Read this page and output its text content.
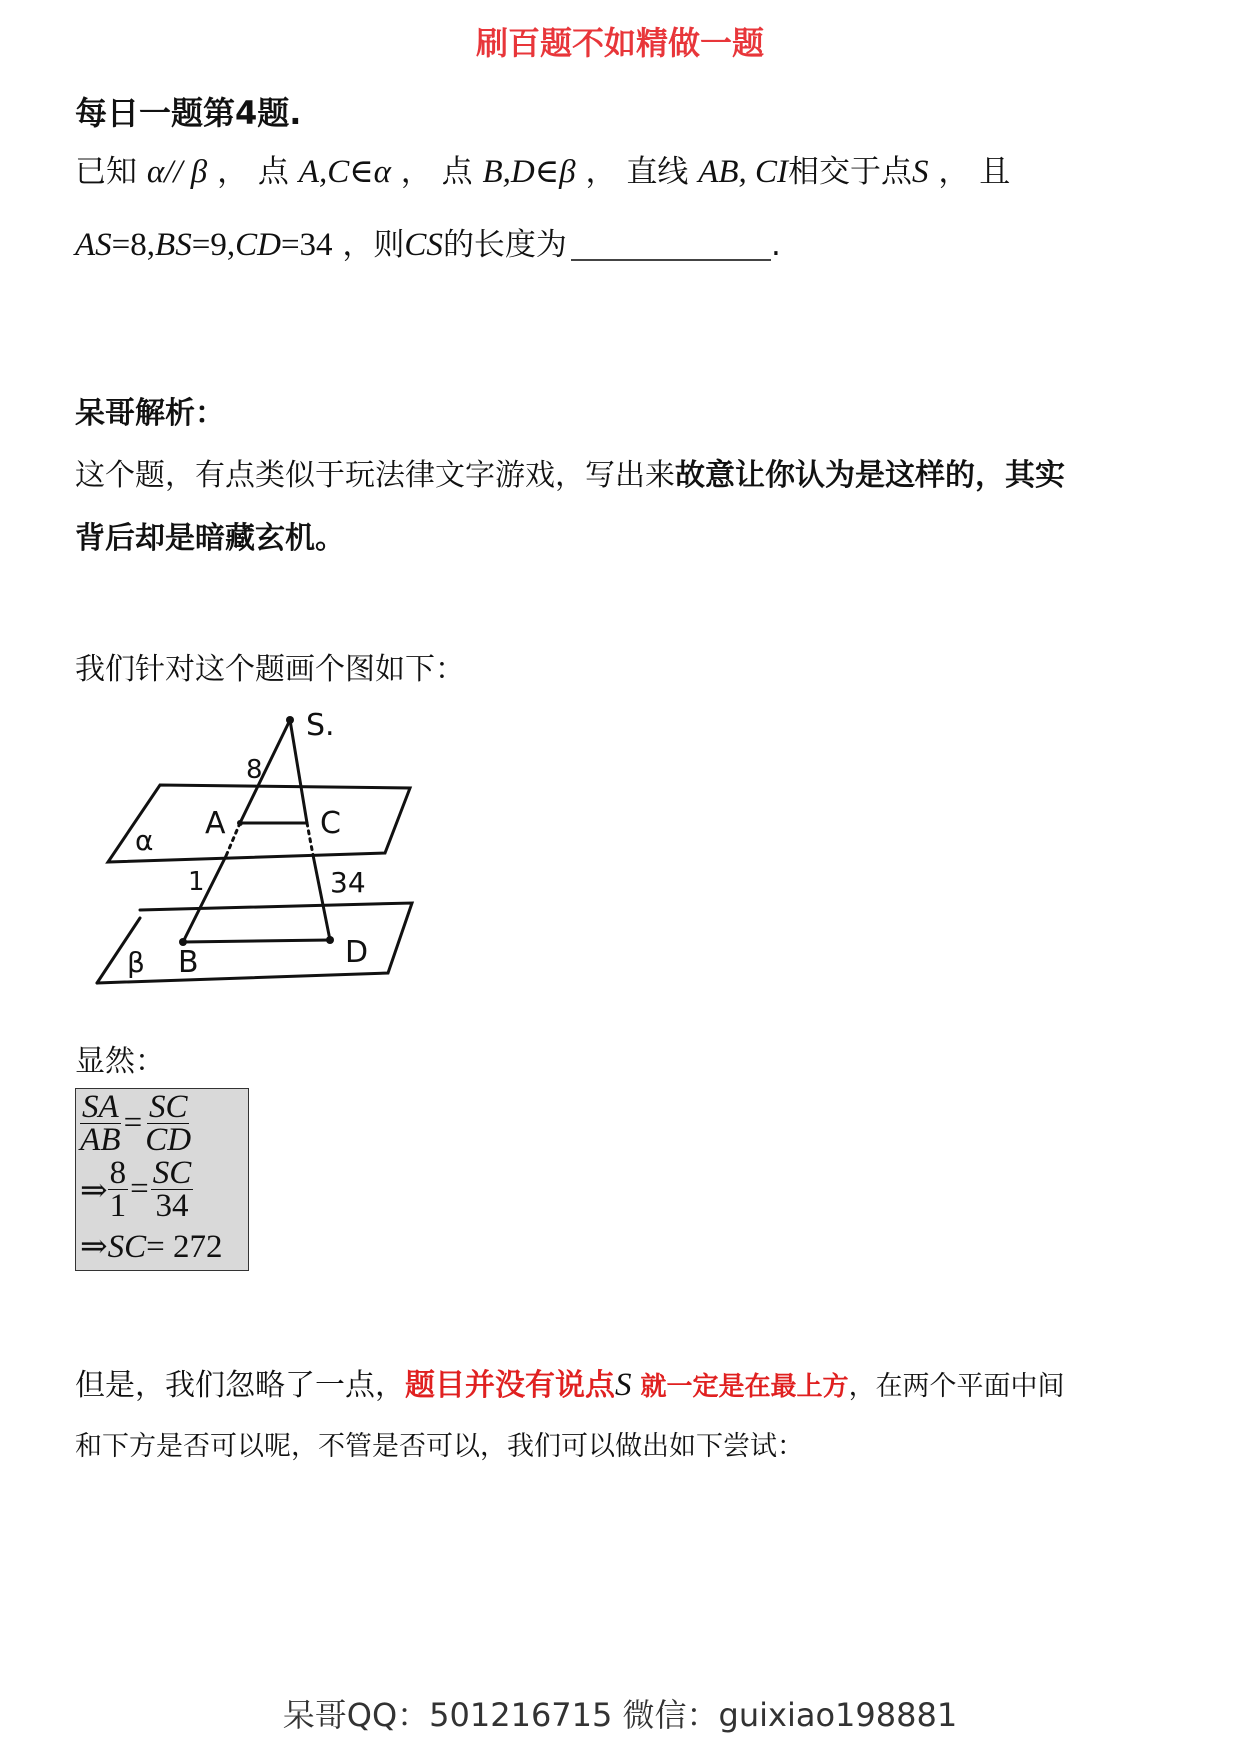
刷百题不如精做一题
每日一题第4题.
已知 α// β ， 点 A,C∈α ， 点 B,D∈β ， 直线 AB, CI相交于点S ， 且
AS=8,BS=9,CD=34 ，则CS的长度为	.
呆哥解析：
这个题，有点类似于玩法律文字游戏，写出来故意让你认为是这样的，其实
背后却是暗藏玄机。
我们针对这个题画个图如下：
S.
A	C
B	D
α
β
8
1	34
显然：
$\frac{SA}{AB} = \frac{SC}{CD}$
⇒ $\frac{8}{1} = \frac{SC}{34}$
⇒ SC = 272
但是，我们忽略了一点，题目并没有说点S 就一定是在最上方，在两个平面中间
和下方是否可以呢，不管是否可以，我们可以做出如下尝试：
呆哥QQ：501216715 微信：guixiao198881
